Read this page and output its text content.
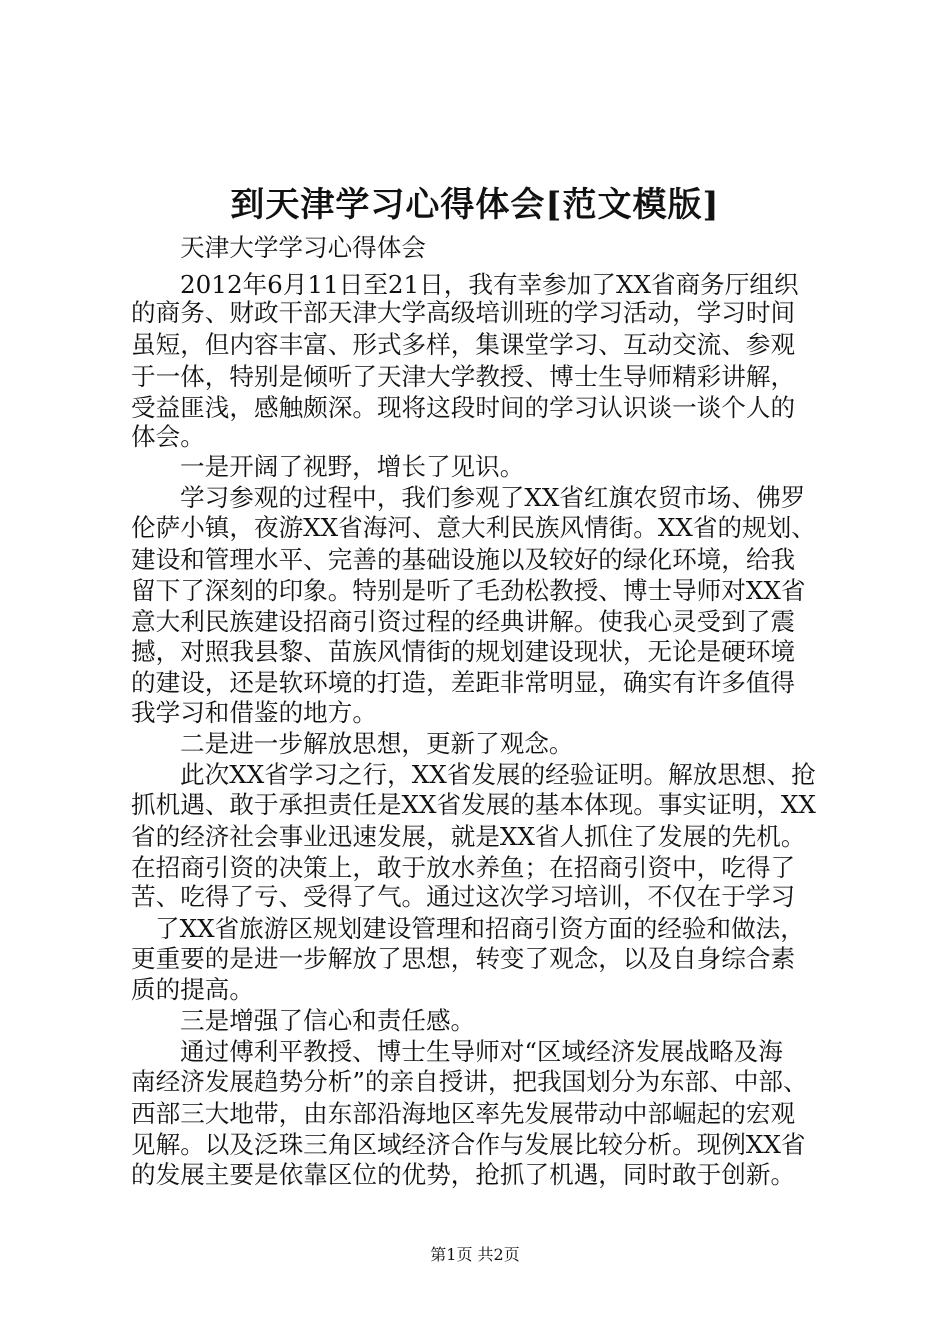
到天津学习心得体会[范文模版]
天津大学学习心得体会
2012年6月11日至21日，我有幸参加了XX省商务厅组织
的商务、财政干部天津大学高级培训班的学习活动，学习时间
虽短，但内容丰富、形式多样，集课堂学习、互动交流、参观
于一体，特别是倾听了天津大学教授、博士生导师精彩讲解，
受益匪浅，感触颇深。现将这段时间的学习认识谈一谈个人的
体会。
一是开阔了视野，增长了见识。
学习参观的过程中，我们参观了XX省红旗农贸市场、佛罗
伦萨小镇，夜游XX省海河、意大利民族风情街。XX省的规划、
建设和管理水平、完善的基础设施以及较好的绿化环境，给我
留下了深刻的印象。特别是听了毛劲松教授、博士导师对XX省
意大利民族建设招商引资过程的经典讲解。使我心灵受到了震
撼，对照我县黎、苗族风情街的规划建设现状，无论是硬环境
的建设，还是软环境的打造，差距非常明显，确实有许多值得
我学习和借鉴的地方。
二是进一步解放思想，更新了观念。
此次XX省学习之行，XX省发展的经验证明。解放思想、抢
抓机遇、敢于承担责任是XX省发展的基本体现。事实证明，XX
省的经济社会事业迅速发展，就是XX省人抓住了发展的先机。
在招商引资的决策上，敢于放水养鱼；在招商引资中，吃得了
苦、吃得了亏、受得了气。通过这次学习培训，不仅在于学习
了XX省旅游区规划建设管理和招商引资方面的经验和做法，
更重要的是进一步解放了思想，转变了观念，以及自身综合素
质的提高。
三是增强了信心和责任感。
通过傅利平教授、博士生导师对“区域经济发展战略及海
南经济发展趋势分析”的亲自授讲，把我国划分为东部、中部、
西部三大地带，由东部沿海地区率先发展带动中部崛起的宏观
见解。以及泛珠三角区域经济合作与发展比较分析。现例XX省
的发展主要是依靠区位的优势，抢抓了机遇，同时敢于创新。
第1页 共2页
